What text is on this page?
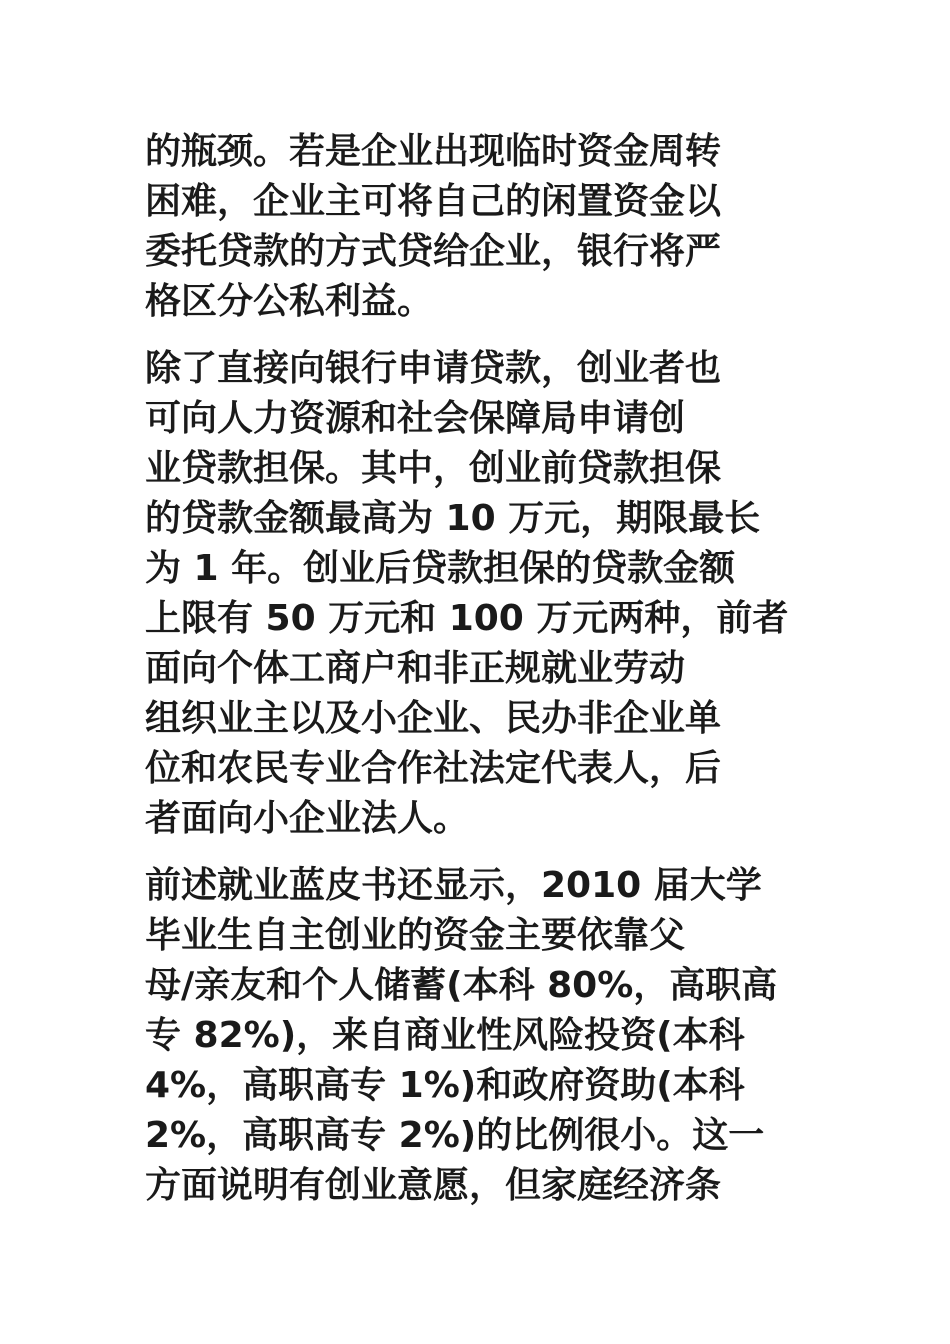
的瓶颈。若是企业出现临时资金周转
困难，企业主可将自己的闲置资金以
委托贷款的方式贷给企业，银行将严
格区分公私利益。
除了直接向银行申请贷款，创业者也
可向人力资源和社会保障局申请创
业贷款担保。其中，创业前贷款担保
的贷款金额最高为 10 万元，期限最长
为 1 年。创业后贷款担保的贷款金额
上限有 50 万元和 100 万元两种，前者
面向个体工商户和非正规就业劳动
组织业主以及小企业、民办非企业单
位和农民专业合作社法定代表人，后
者面向小企业法人。
前述就业蓝皮书还显示，2010 届大学
毕业生自主创业的资金主要依靠父
母/亲友和个人储蓄(本科 80%，高职高
专 82%)，来自商业性风险投资(本科
4%，高职高专 1%)和政府资助(本科
2%，高职高专 2%)的比例很小。这一
方面说明有创业意愿，但家庭经济条
